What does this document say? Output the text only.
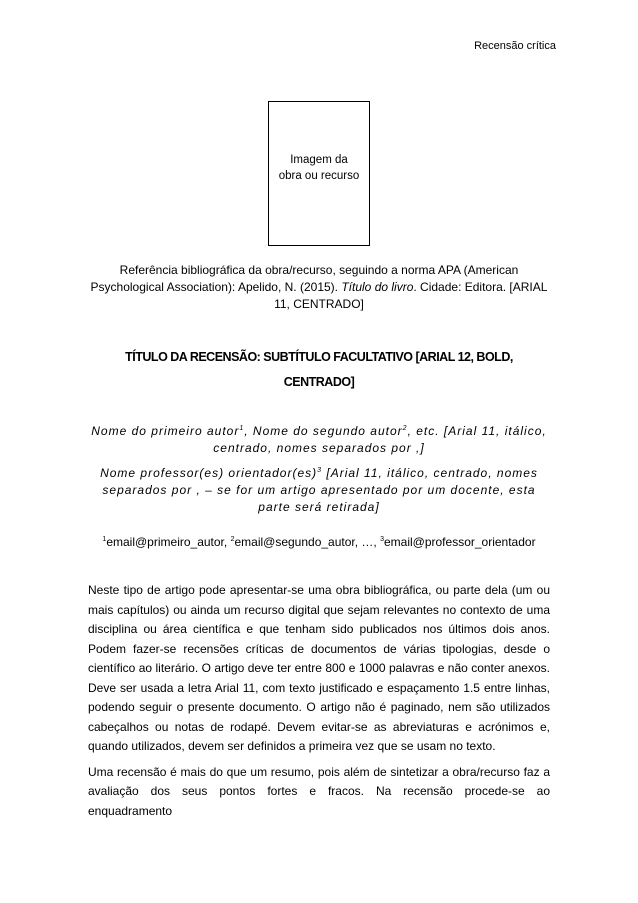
Recensão crítica
Imagem da
obra ou recurso
Referência bibliográfica da obra/recurso, seguindo a norma APA (American Psychological Association): Apelido, N. (2015). Título do livro. Cidade: Editora. [ARIAL 11, CENTRADO]
TÍTULO DA RECENSÃO: SUBTÍTULO FACULTATIVO [ARIAL 12, BOLD,
CENTRADO]
Nome do primeiro autor$^1$, Nome do segundo autor$^2$, etc. [Arial 11, itálico, centrado, nomes separados por ,]
Nome professor(es) orientador(es)$^3$ [Arial 11, itálico, centrado, nomes separados por , – se for um artigo apresentado por um docente, esta parte será retirada]
$^1$email@primeiro_autor, $^2$email@segundo_autor, …, $^3$email@professor_orientador

Neste tipo de artigo pode apresentar-se uma obra bibliográfica, ou parte dela (um ou mais capítulos) ou ainda um recurso digital que sejam relevantes no contexto de uma disciplina ou área científica e que tenham sido publicados nos últimos dois anos. Podem fazer-se recensões críticas de documentos de várias tipologias, desde o científico ao literário. O artigo deve ter entre 800 e 1000 palavras e não conter anexos. Deve ser usada a letra Arial 11, com texto justificado e espaçamento 1.5 entre linhas, podendo seguir o presente documento. O artigo não é paginado, nem são utilizados cabeçalhos ou notas de rodapé. Devem evitar-se as abreviaturas e acrónimos e, quando utilizados, devem ser definidos a primeira vez que se usam no texto.

Uma recensão é mais do que um resumo, pois além de sintetizar a obra/recurso faz a avaliação dos seus pontos fortes e fracos. Na recensão procede-se ao enquadramento
